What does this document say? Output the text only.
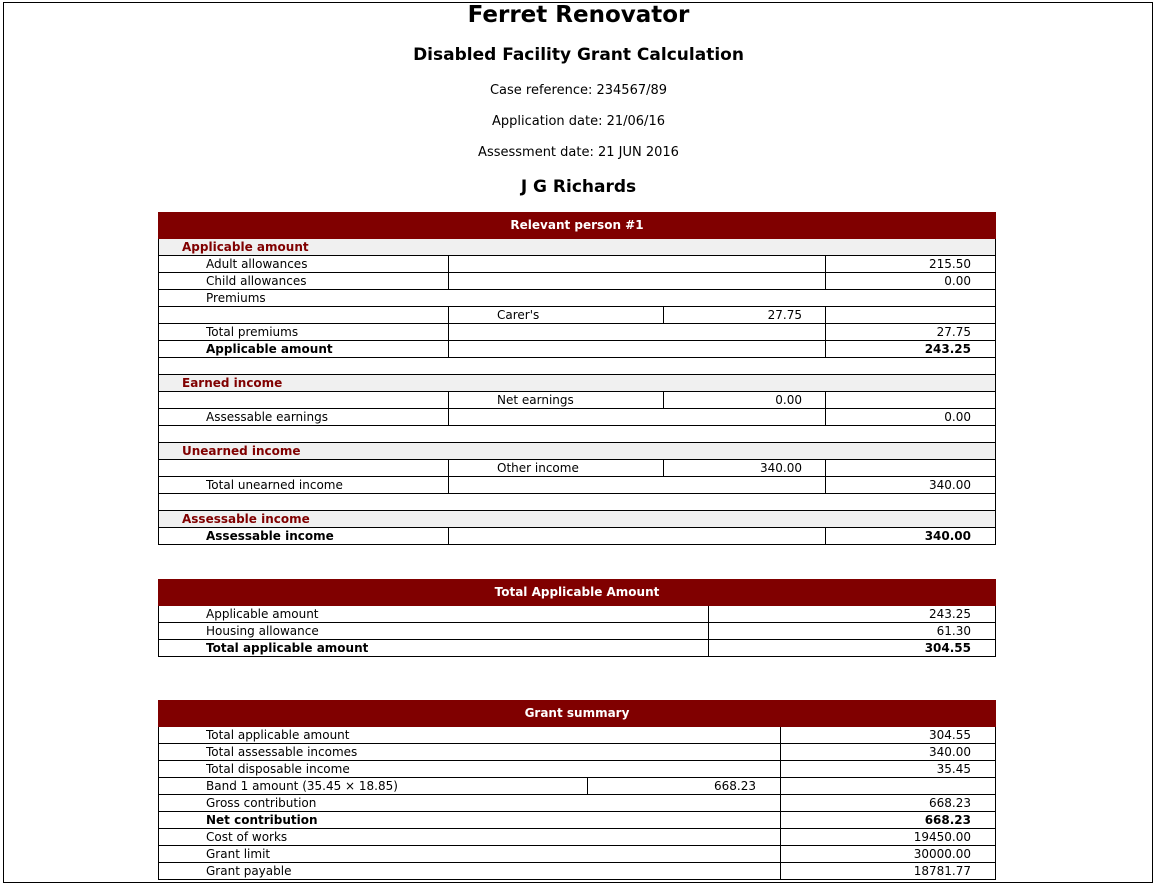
Ferret Renovator
Disabled Facility Grant Calculation
Case reference: 234567/89
Application date: 21/06/16
Assessment date: 21 JUN 2016
J G Richards
Relevant person #1
Applicable amount
Adult allowances	215.50
Child allowances	0.00
Premiums
Carer's	27.75
Total premiums	27.75
Applicable amount	243.25
Earned income
Net earnings	0.00
Assessable earnings	0.00
Unearned income
Other income	340.00
Total unearned income	340.00
Assessable income
Assessable income	340.00
Total Applicable Amount
Applicable amount	243.25
Housing allowance	61.30
Total applicable amount	304.55
Grant summary
Total applicable amount	304.55
Total assessable incomes	340.00
Total disposable income	35.45
Band 1 amount (35.45 × 18.85)	668.23
Gross contribution	668.23
Net contribution	668.23
Cost of works	19450.00
Grant limit	30000.00
Grant payable	18781.77
